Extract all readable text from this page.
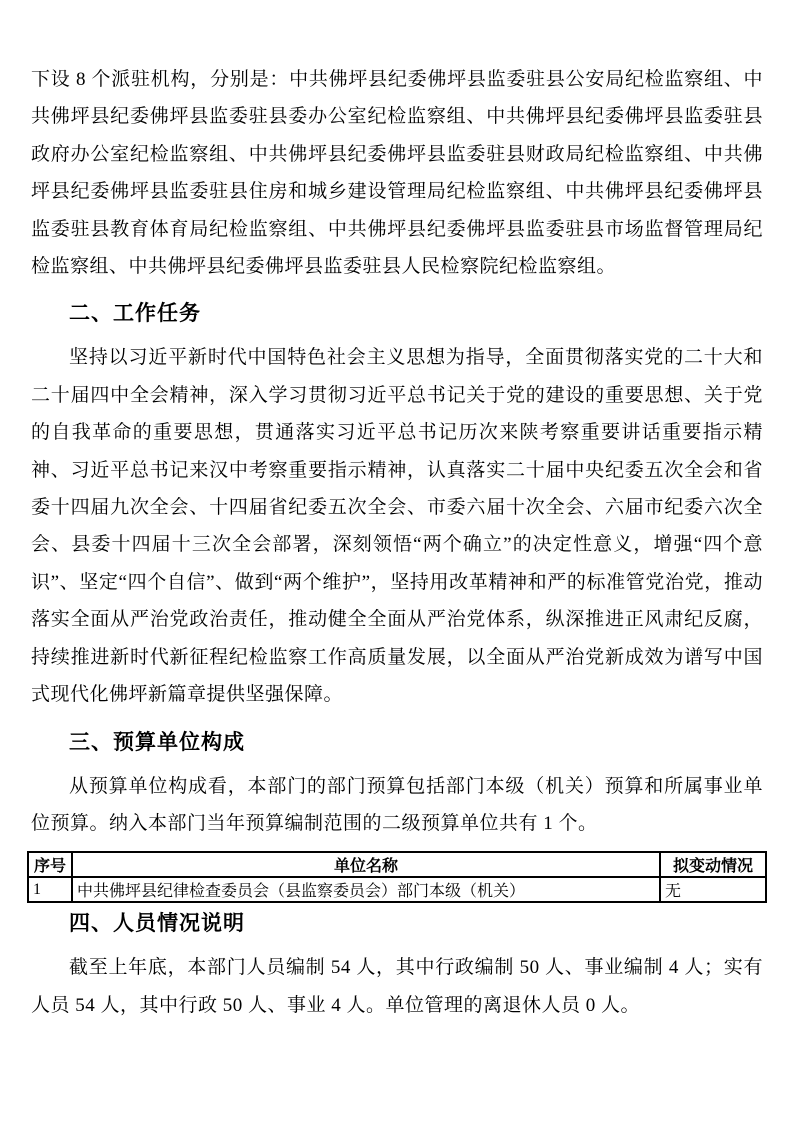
下设 8 个派驻机构，分别是：中共佛坪县纪委佛坪县监委驻县公安局纪检监察组、中共佛坪县纪委佛坪县监委驻县委办公室纪检监察组、中共佛坪县纪委佛坪县监委驻县政府办公室纪检监察组、中共佛坪县纪委佛坪县监委驻县财政局纪检监察组、中共佛坪县纪委佛坪县监委驻县住房和城乡建设管理局纪检监察组、中共佛坪县纪委佛坪县监委驻县教育体育局纪检监察组、中共佛坪县纪委佛坪县监委驻县市场监督管理局纪检监察组、中共佛坪县纪委佛坪县监委驻县人民检察院纪检监察组。

二、工作任务

坚持以习近平新时代中国特色社会主义思想为指导，全面贯彻落实党的二十大和二十届四中全会精神，深入学习贯彻习近平总书记关于党的建设的重要思想、关于党的自我革命的重要思想，贯通落实习近平总书记历次来陕考察重要讲话重要指示精神、习近平总书记来汉中考察重要指示精神，认真落实二十届中央纪委五次全会和省委十四届九次全会、十四届省纪委五次全会、市委六届十次全会、六届市纪委六次全会、县委十四届十三次全会部署，深刻领悟“两个确立”的决定性意义，增强“四个意识”、坚定“四个自信”、做到“两个维护”，坚持用改革精神和严的标准管党治党，推动落实全面从严治党政治责任，推动健全全面从严治党体系，纵深推进正风肃纪反腐，持续推进新时代新征程纪检监察工作高质量发展，以全面从严治党新成效为谱写中国式现代化佛坪新篇章提供坚强保障。

三、预算单位构成

从预算单位构成看，本部门的部门预算包括部门本级（机关）预算和所属事业单位预算。纳入本部门当年预算编制范围的二级预算单位共有 1 个。

序号	单位名称	拟变动情况
1	中共佛坪县纪律检查委员会（县监察委员会）部门本级（机关）	无
四、人员情况说明

截至上年底，本部门人员编制 54 人，其中行政编制 50 人、事业编制 4 人；实有人员 54 人，其中行政 50 人、事业 4 人。单位管理的离退休人员 0 人。
